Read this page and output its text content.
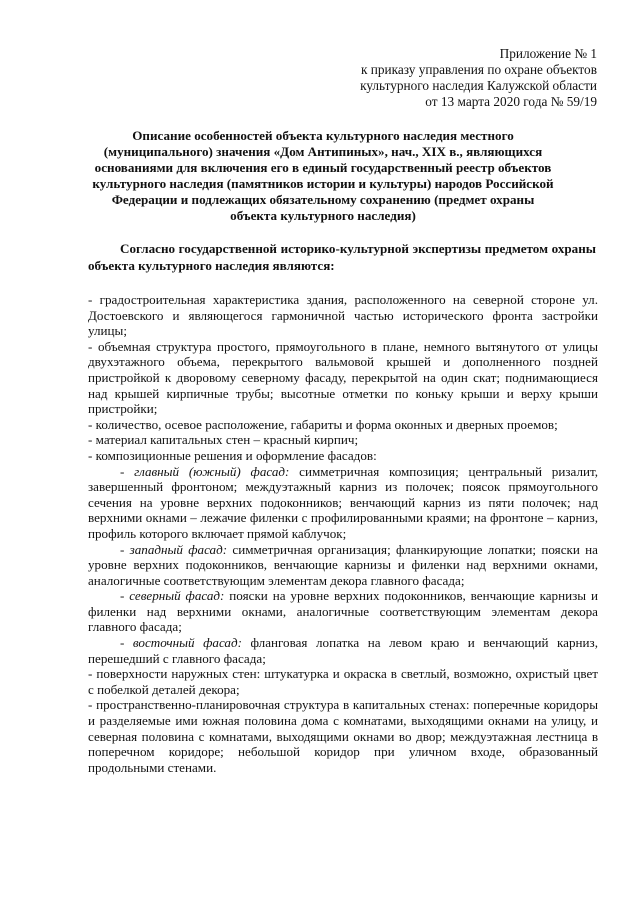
Приложение № 1
к приказу управления по охране объектов
культурного наследия Калужской области
от 13 марта 2020 года № 59/19
Описание особенностей объекта культурного наследия местного (муниципального) значения «Дом Антипиных», нач., XIX в., являющихся основаниями для включения его в единый государственный реестр объектов культурного наследия (памятников истории и культуры) народов Российской Федерации и подлежащих обязательному сохранению (предмет охраны объекта культурного наследия)
Согласно государственной историко-культурной экспертизы предметом охраны объекта культурного наследия являются:

- градостроительная характеристика здания, расположенного на северной стороне ул. Достоевского и являющегося гармоничной частью исторического фронта застройки улицы;

- объемная структура простого, прямоугольного в плане, немного вытянутого от улицы двухэтажного объема, перекрытого вальмовой крышей и дополненного поздней пристройкой к дворовому северному фасаду, перекрытой на один скат; поднимающиеся над крышей кирпичные трубы; высотные отметки по коньку крыши и верху крыши пристройки;

- количество, осевое расположение, габариты и форма оконных и дверных проемов;

- материал капитальных стен – красный кирпич;

- композиционные решения и оформление фасадов:

- главный (южный) фасад: симметричная композиция; центральный ризалит, завершенный фронтоном; междуэтажный карниз из полочек; поясок прямоугольного сечения на уровне верхних подоконников; венчающий карниз из пяти полочек; над верхними окнами – лежачие филенки с профилированными краями; на фронтоне – карниз, профиль которого включает прямой каблучок;

- западный фасад: симметричная организация; фланкирующие лопатки; пояски на уровне верхних подоконников, венчающие карнизы и филенки над верхними окнами, аналогичные соответствующим элементам декора главного фасада;

- северный фасад: пояски на уровне верхних подоконников, венчающие карнизы и филенки над верхними окнами, аналогичные соответствующим элементам декора главного фасада;

- восточный фасад: фланговая лопатка на левом краю и венчающий карниз, перешедший с главного фасада;

- поверхности наружных стен: штукатурка и окраска в светлый, возможно, охристый цвет с побелкой деталей декора;

- пространственно-планировочная структура в капитальных стенах: поперечные коридоры и разделяемые ими южная половина дома с комнатами, выходящими окнами на улицу, и северная половина с комнатами, выходящими окнами во двор; междуэтажная лестница в поперечном коридоре; небольшой коридор при уличном входе, образованный продольными стенами.
